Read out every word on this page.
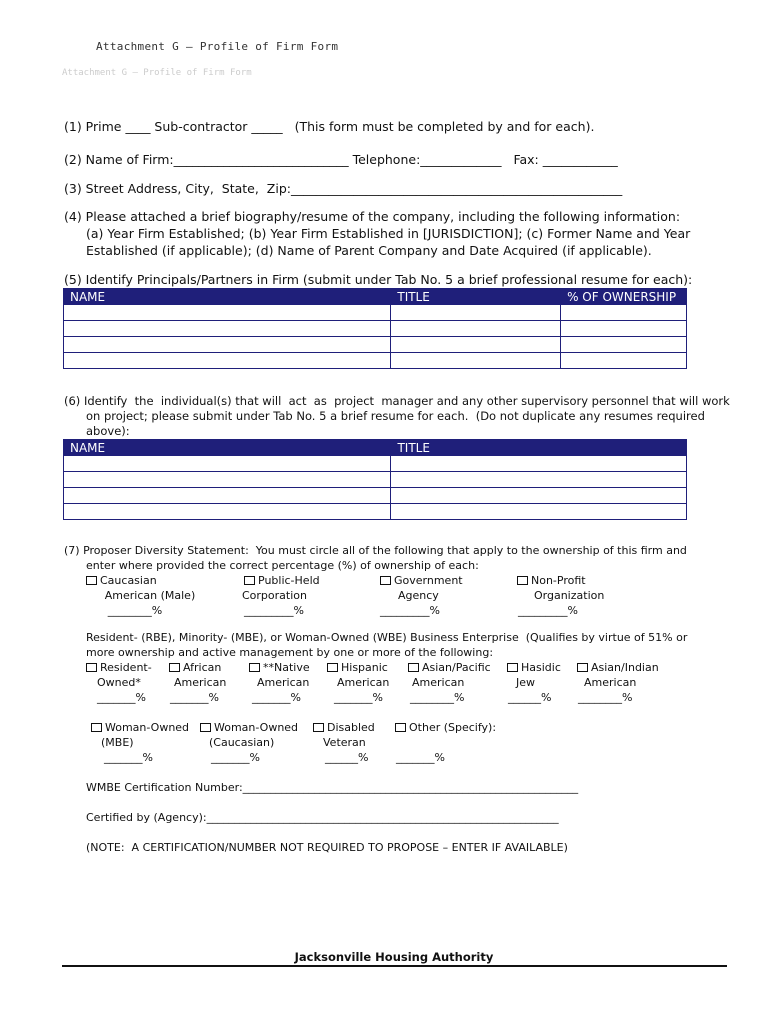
Attachment G – Profile of Firm Form
Attachment G – Profile of Firm Form
(1) Prime ____ Sub-contractor _____   (This form must be completed by and for each).
(2) Name of Firm:____________________________ Telephone:_____________   Fax: ____________
(3) Street Address, City,  State,  Zip:_____________________________________________________
(4) Please attached a brief biography/resume of the company, including the following information:
(a) Year Firm Established; (b) Year Firm Established in [JURISDICTION]; (c) Former Name and Year
Established (if applicable); (d) Name of Parent Company and Date Acquired (if applicable).
(5) Identify Principals/Partners in Firm (submit under Tab No. 5 a brief professional resume for each):
NAME	TITLE	% OF OWNERSHIP

(6) Identify  the  individual(s) that will  act  as  project  manager and any other supervisory personnel that will work
on project; please submit under Tab No. 5 a brief resume for each.  (Do not duplicate any resumes required
above):
NAME	TITLE

(7) Proposer Diversity Statement:  You must circle all of the following that apply to the ownership of this firm and
enter where provided the correct percentage (%) of ownership of each:
Caucasian
American (Male)
________%
Public-Held
Corporation
_________%
Government
Agency
_________%
Non-Profit
Organization
_________%
Resident- (RBE), Minority- (MBE), or Woman-Owned (WBE) Business Enterprise  (Qualifies by virtue of 51% or
more ownership and active management by one or more of the following:
Resident-
Owned*
_______%
African
American
_______%
**Native
American
_______%
Hispanic
American
_______%
Asian/Pacific
American
________%
Hasidic
Jew
______%
Asian/Indian
American
________%
Woman-Owned
(MBE)
_______%
Woman-Owned
(Caucasian)
_______%
Disabled
Veteran
______%
Other (Specify):
_______%
WMBE Certification Number:_____________________________________________________________
Certified by (Agency):________________________________________________________________
(NOTE:  A CERTIFICATION/NUMBER NOT REQUIRED TO PROPOSE – ENTER IF AVAILABLE)
Jacksonville Housing Authority
